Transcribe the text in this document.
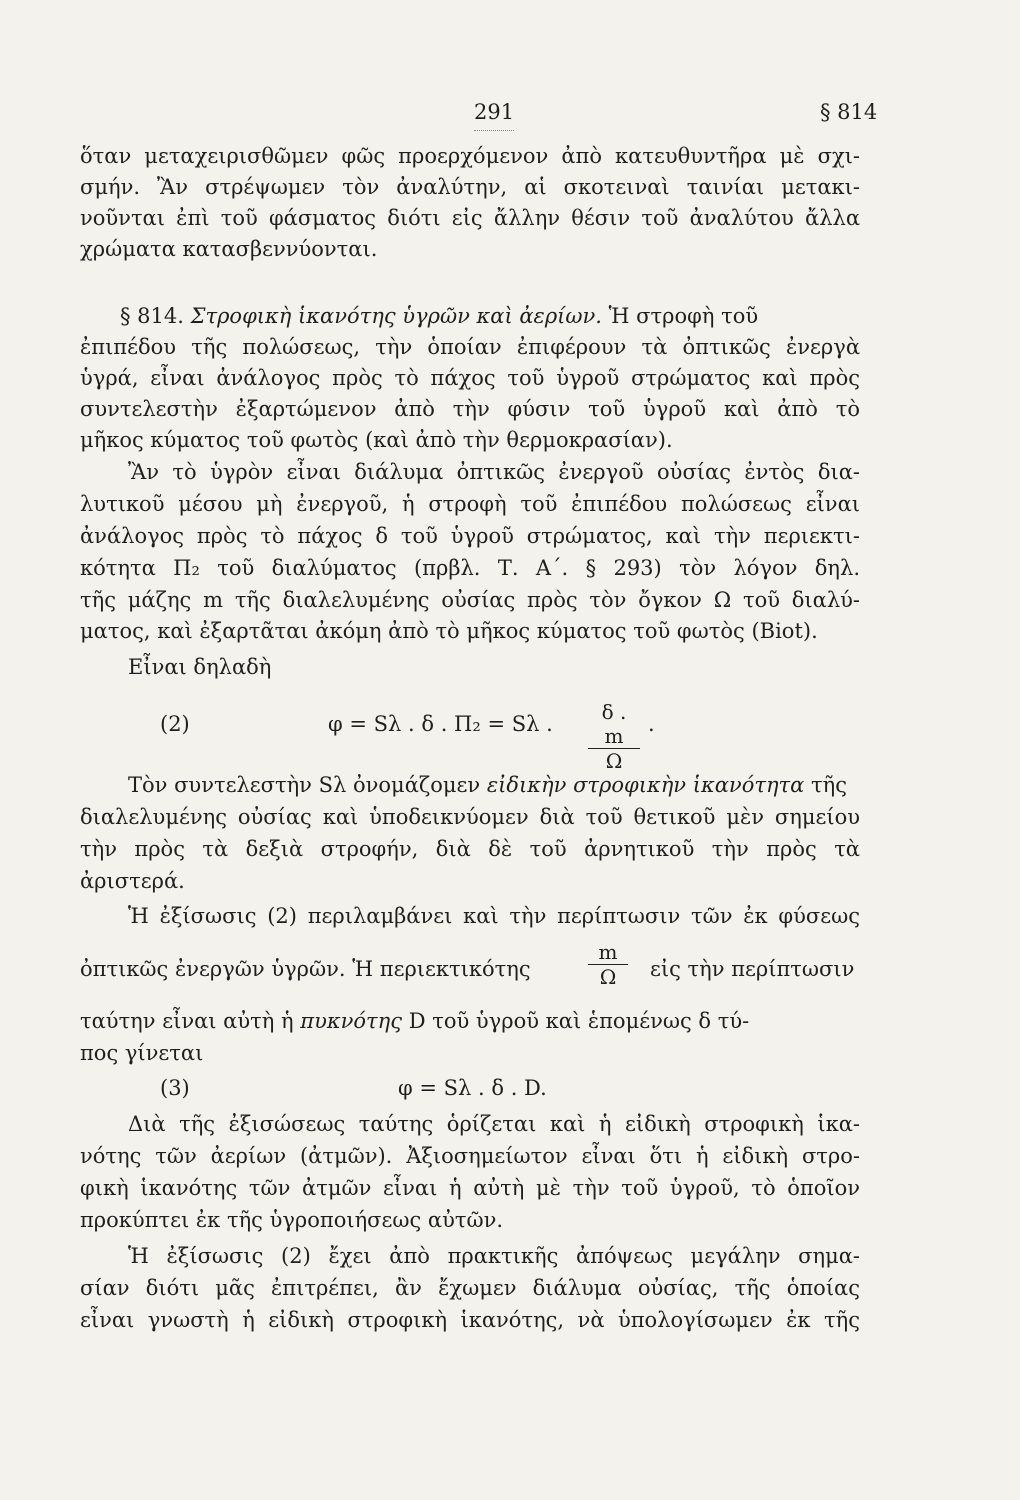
291	§ 814
ὅταν μεταχειρισθῶμεν φῶς προερχόμενον ἀπὸ κατευθυντῆρα μὲ σχι-
σμήν. Ἂν στρέψωμεν τὸν ἀναλύτην, αἱ σκοτειναὶ ταινίαι μετακι-
νοῦνται ἐπὶ τοῦ φάσματος διότι εἰς ἄλλην θέσιν τοῦ ἀναλύτου ἄλλα
χρώματα κατασβεννύονται.
§ 814. Στροφικὴ ἱκανότης ὑγρῶν καὶ ἀερίων. Ἡ στροφὴ τοῦ
ἐπιπέδου τῆς πολώσεως, τὴν ὁποίαν ἐπιφέρουν τὰ ὀπτικῶς ἐνεργὰ
ὑγρά, εἶναι ἀνάλογος πρὸς τὸ πάχος τοῦ ὑγροῦ στρώματος καὶ πρὸς
συντελεστὴν ἐξαρτώμενον ἀπὸ τὴν φύσιν τοῦ ὑγροῦ καὶ ἀπὸ τὸ
μῆκος κύματος τοῦ φωτὸς (καὶ ἀπὸ τὴν θερμοκρασίαν).
Ἂν τὸ ὑγρὸν εἶναι διάλυμα ὀπτικῶς ἐνεργοῦ οὐσίας ἐντὸς δια-
λυτικοῦ μέσου μὴ ἐνεργοῦ, ἡ στροφὴ τοῦ ἐπιπέδου πολώσεως εἶναι
ἀνάλογος πρὸς τὸ πάχος δ τοῦ ὑγροῦ στρώματος, καὶ τὴν περιεκτι-
κότητα Π₂ τοῦ διαλύματος (πρβλ. Τ. Α΄. § 293) τὸν λόγον δηλ.
τῆς μάζης m τῆς διαλελυμένης οὐσίας πρὸς τὸν ὄγκον Ω τοῦ διαλύ-
ματος, καὶ ἐξαρτᾶται ἀκόμη ἀπὸ τὸ μῆκος κύματος τοῦ φωτὸς (Biot).
Εἶναι δηλαδὴ
(2)	φ = Sλ . δ . Π₂ = Sλ . $\frac{\delta . m}{\Omega}$ .
Τὸν συντελεστὴν Sλ ὀνομάζομεν εἰδικὴν στροφικὴν ἱκανότητα τῆς
διαλελυμένης οὐσίας καὶ ὑποδεικνύομεν διὰ τοῦ θετικοῦ μὲν σημείου
τὴν πρὸς τὰ δεξιὰ στροφήν, διὰ δὲ τοῦ ἀρνητικοῦ τὴν πρὸς τὰ
ἀριστερά.
Ἡ ἐξίσωσις (2) περιλαμβάνει καὶ τὴν περίπτωσιν τῶν ἐκ φύσεως
ὀπτικῶς ἐνεργῶν ὑγρῶν. Ἡ περιεκτικότης	$\frac{m}{\Omega}$ εἰς τὴν περίπτωσιν
ταύτην εἶναι αὐτὴ ἡ πυκνότης D τοῦ ὑγροῦ καὶ ἑπομένως δ τύ-
πος γίνεται
(3)	φ = Sλ . δ . D.
Διὰ τῆς ἐξισώσεως ταύτης ὁρίζεται καὶ ἡ εἰδικὴ στροφικὴ ἱκα-
νότης τῶν ἀερίων (ἀτμῶν). Ἀξιοσημείωτον εἶναι ὅτι ἡ εἰδικὴ στρο-
φικὴ ἱκανότης τῶν ἀτμῶν εἶναι ἡ αὐτὴ μὲ τὴν τοῦ ὑγροῦ, τὸ ὁποῖον
προκύπτει ἐκ τῆς ὑγροποιήσεως αὐτῶν.
Ἡ ἐξίσωσις (2) ἔχει ἀπὸ πρακτικῆς ἀπόψεως μεγάλην σημα-
σίαν διότι μᾶς ἐπιτρέπει, ἂν ἔχωμεν διάλυμα οὐσίας, τῆς ὁποίας
εἶναι γνωστὴ ἡ εἰδικὴ στροφικὴ ἱκανότης, νὰ ὑπολογίσωμεν ἐκ τῆς
